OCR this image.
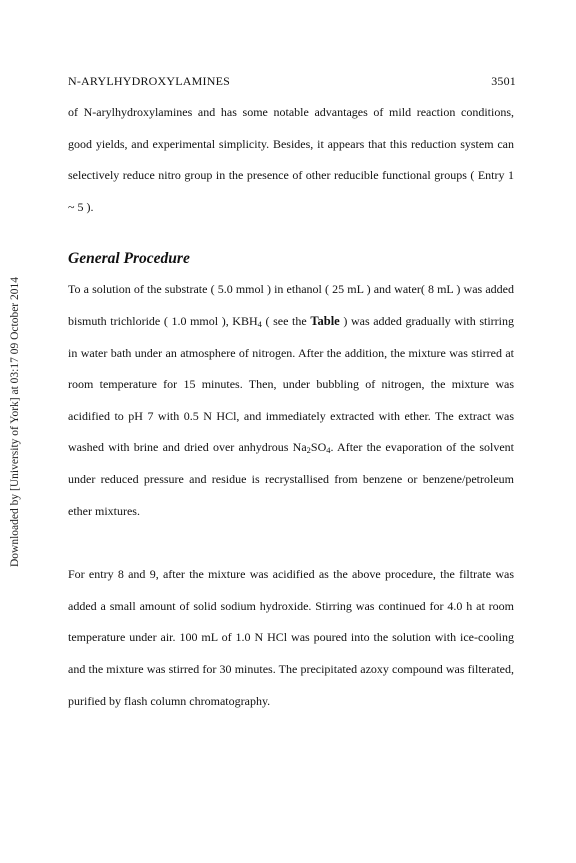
Downloaded by [University of York] at 03:17 09 October 2014
N-ARYLHYDROXYLAMINES	3501

of N-arylhydroxylamines and has some notable advantages of mild reaction conditions, good yields, and experimental simplicity. Besides, it appears that this reduction system can selectively reduce nitro group in the presence of other reducible functional groups ( Entry 1 ~ 5 ).

General Procedure

To a solution of the substrate ( 5.0 mmol ) in ethanol ( 25 mL ) and water( 8 mL ) was added bismuth trichloride ( 1.0 mmol ), $KBH_4$ ( see the Table ) was added gradually with stirring in water bath under an atmosphere of nitrogen. After the addition, the mixture was stirred at room temperature for 15 minutes. Then, under bubbling of nitrogen, the mixture was acidified to pH 7 with 0.5 N HCl, and immediately extracted with ether. The extract was washed with brine and dried over anhydrous $Na_2SO_4$. After the evaporation of the solvent under reduced pressure and residue is recrystallised from benzene or benzene/petroleum ether mixtures.

For entry 8 and 9, after the mixture was acidified as the above procedure, the filtrate was added a small amount of solid sodium hydroxide. Stirring was continued for 4.0 h at room temperature under air. 100 mL of 1.0 N HCl was poured into the solution with ice-cooling and the mixture was stirred for 30 minutes. The precipitated azoxy compound was filterated, purified by flash column chromatography.
